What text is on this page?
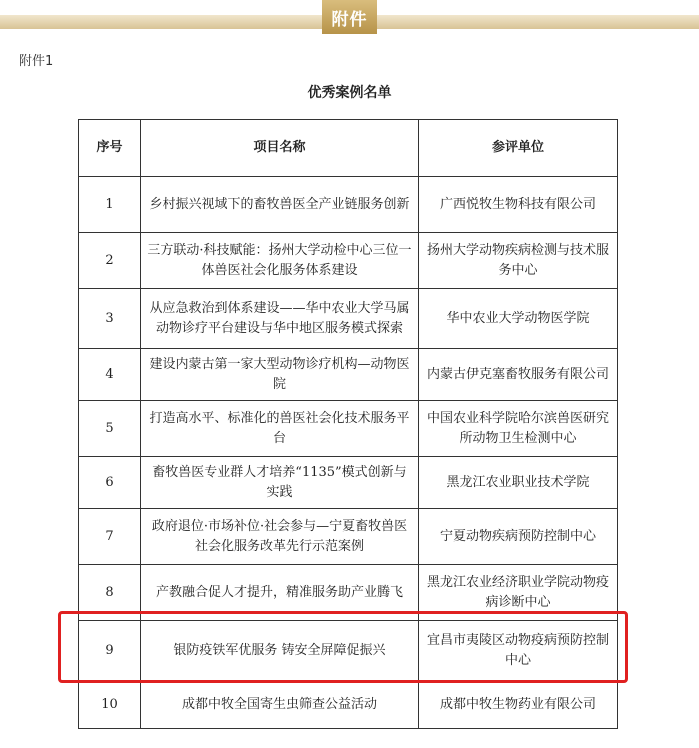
附件
附件1
优秀案例名单
序号	项目名称	参评单位
1	乡村振兴视域下的畜牧兽医全产业链服务创新	广西悦牧生物科技有限公司
2	三方联动·科技赋能：扬州大学动检中心三位一体兽医社会化服务体系建设	扬州大学动物疾病检测与技术服务中心
3	从应急救治到体系建设——华中农业大学马属动物诊疗平台建设与华中地区服务模式探索	华中农业大学动物医学院
4	建设内蒙古第一家大型动物诊疗机构—动物医院	内蒙古伊克塞畜牧服务有限公司
5	打造高水平、标准化的兽医社会化技术服务平台	中国农业科学院哈尔滨兽医研究所动物卫生检测中心
6	畜牧兽医专业群人才培养“1135”模式创新与实践	黑龙江农业职业技术学院
7	政府退位·市场补位·社会参与—宁夏畜牧兽医社会化服务改革先行示范案例	宁夏动物疾病预防控制中心
8	产教融合促人才提升，精准服务助产业腾飞	黑龙江农业经济职业学院动物疫病诊断中心
9	银防疫铁军优服务 铸安全屏障促振兴	宜昌市夷陵区动物疫病预防控制中心
10	成都中牧全国寄生虫筛查公益活动	成都中牧生物药业有限公司
